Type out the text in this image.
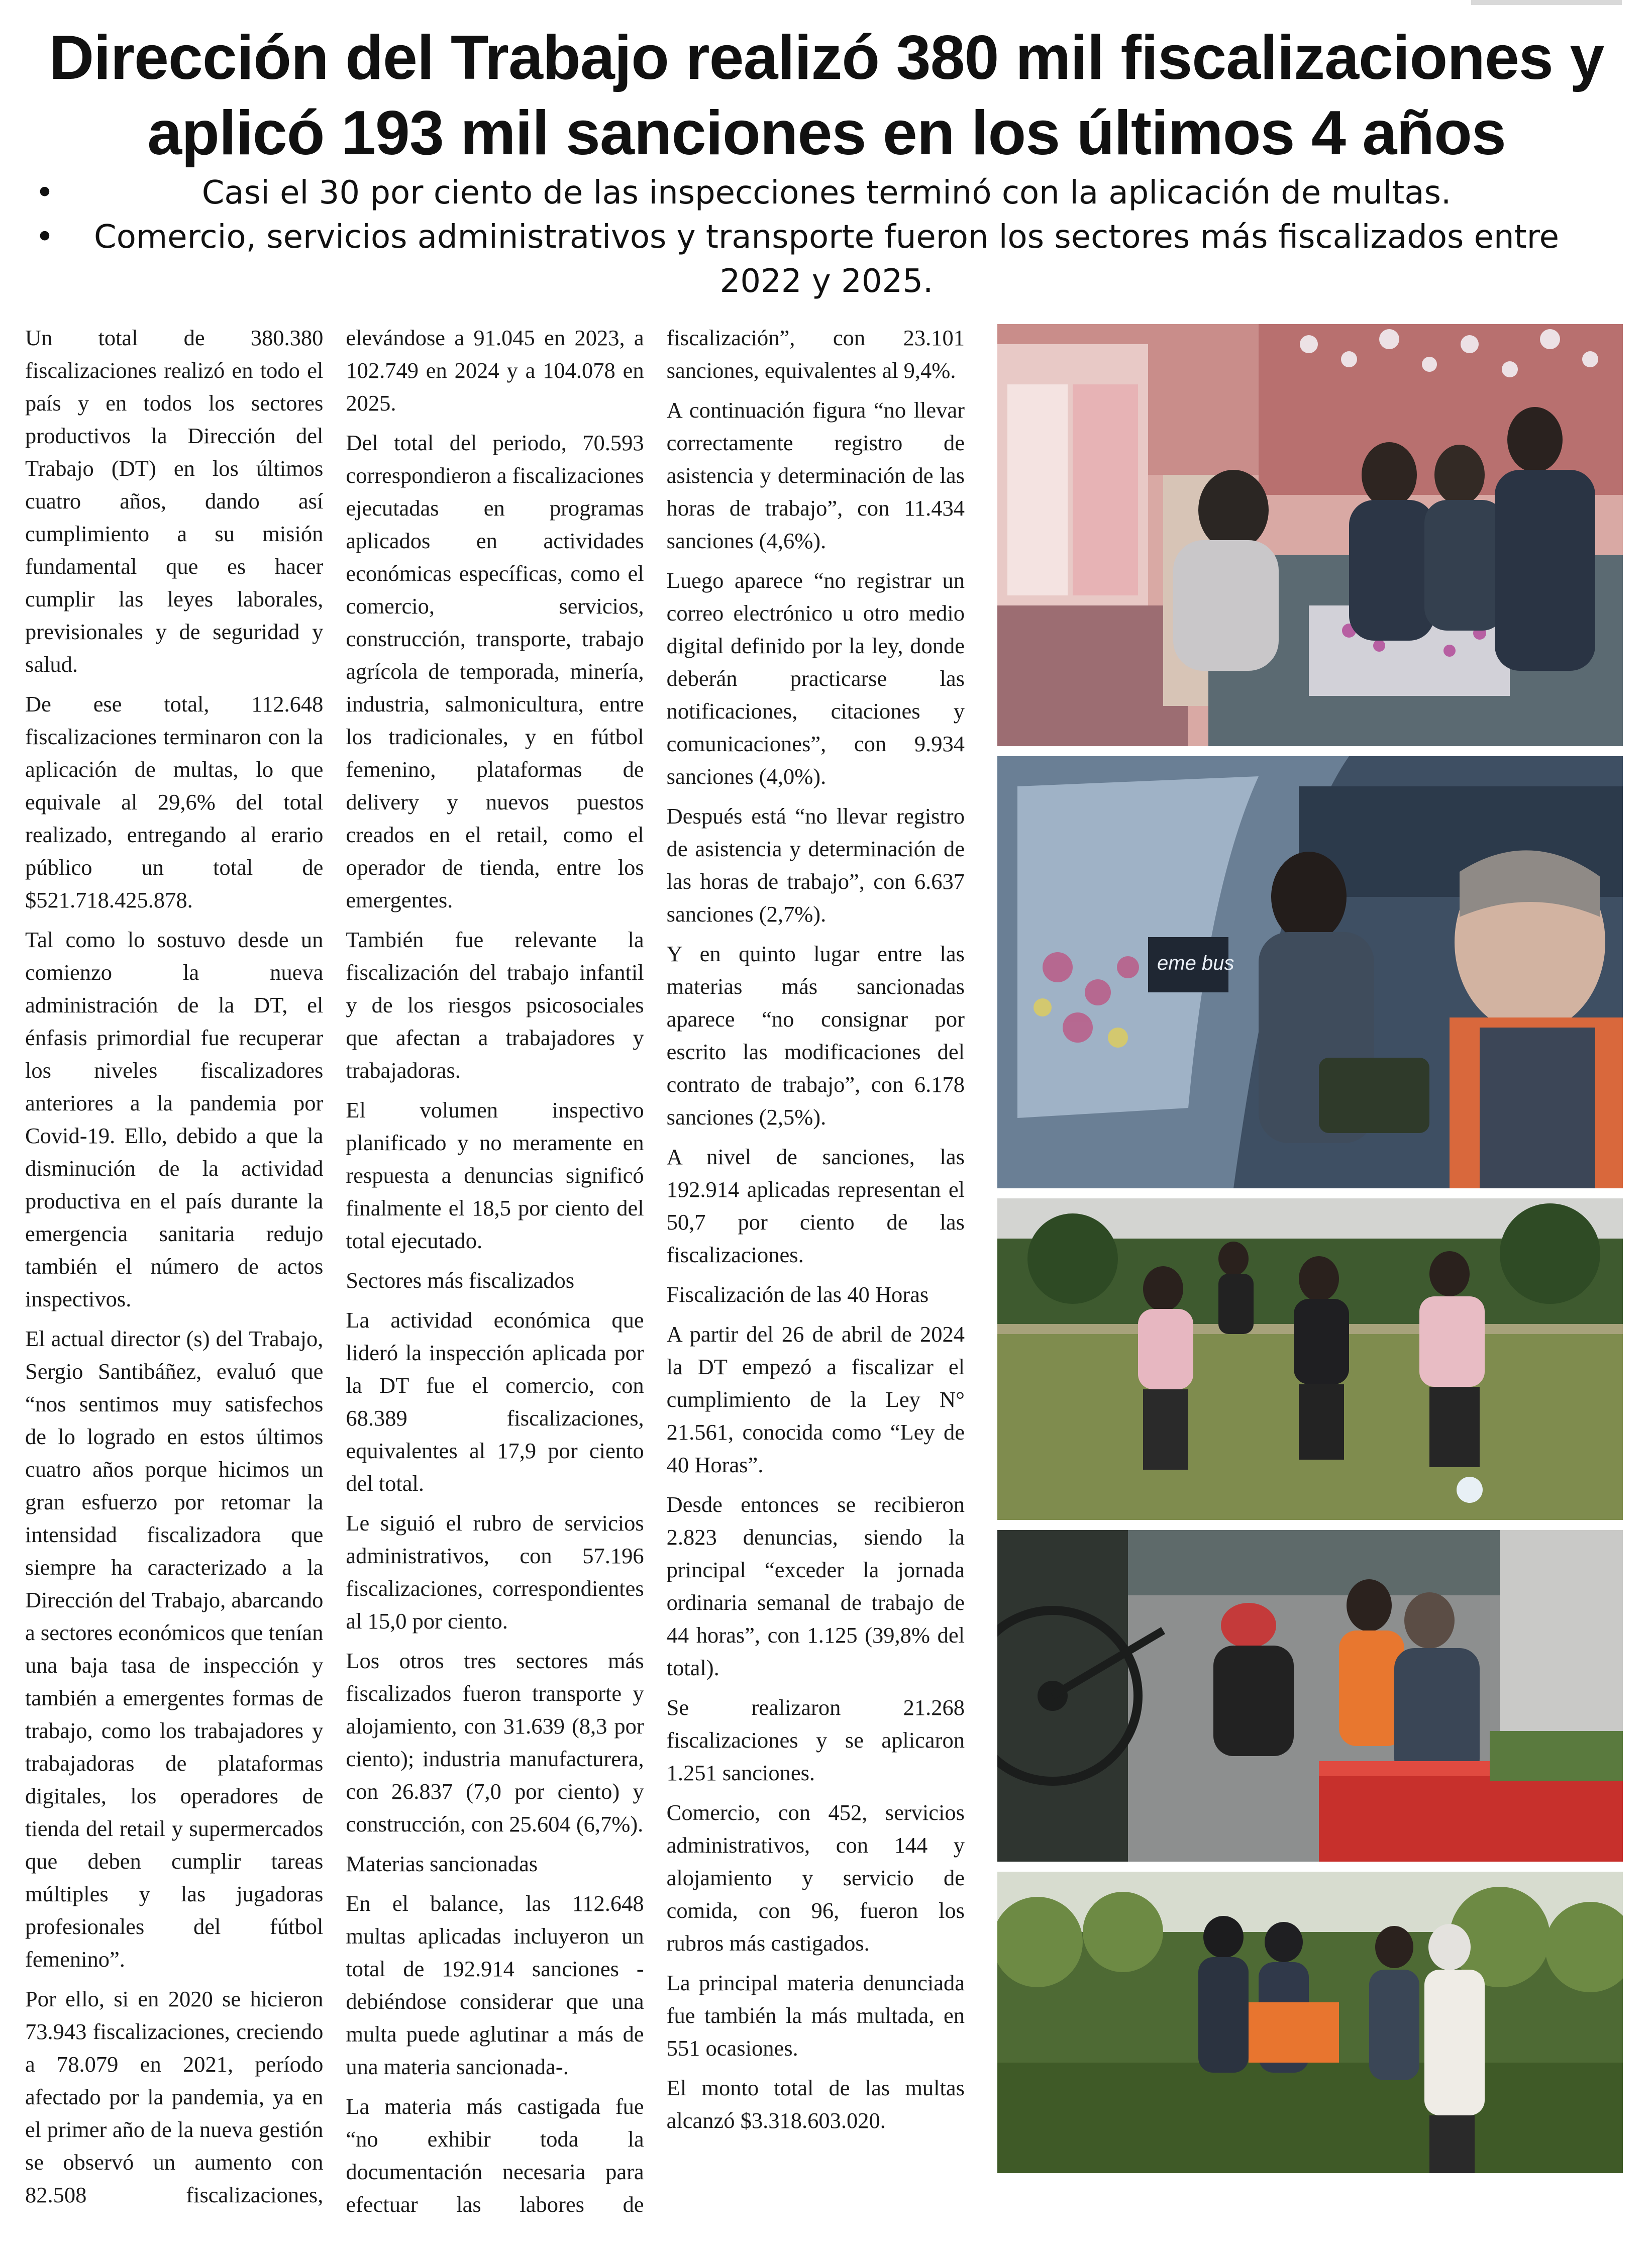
Dirección del Trabajo realizó 380 mil fiscalizaciones y aplicó 193 mil sanciones en los últimos 4 años
•	Casi el 30 por ciento de las inspecciones terminó con la aplicación de multas.
• Comercio, servicios administrativos y transporte fueron los sectores más fiscalizados entre 2022 y 2025.

Un total de 380.380 fiscalizaciones realizó en todo el país y en todos los sectores productivos la Dirección del Trabajo (DT) en los últimos cuatro años, dando así cumplimiento a su misión fundamental que es hacer cumplir las leyes laborales, previsionales y de seguridad y salud.

De ese total, 112.648 fiscalizaciones terminaron con la aplicación de multas, lo que equivale al 29,6% del total realizado, entregando al erario público un total de $521.718.425.878.

Tal como lo sostuvo desde un comienzo la nueva administración de la DT, el énfasis primordial fue recuperar los niveles fiscalizadores anteriores a la pandemia por Covid-19. Ello, debido a que la disminución de la actividad productiva en el país durante la emergencia sanitaria redujo también el número de actos inspectivos.

El actual director (s) del Trabajo, Sergio Santibáñez, evaluó que “nos sentimos muy satisfechos de lo logrado en estos últimos cuatro años porque hicimos un gran esfuerzo por retomar la intensidad fiscalizadora que siempre ha caracterizado a la Dirección del Trabajo, abarcando a sectores económicos que tenían una baja tasa de inspección y también a emergentes formas de trabajo, como los trabajadores y trabajadoras de plataformas digitales, los operadores de tienda del retail y supermercados que deben cumplir tareas múltiples y las jugadoras profesionales del fútbol femenino”.

Por ello, si en 2020 se hicieron 73.943 fiscalizaciones, creciendo a 78.079 en 2021, período afectado por la pandemia, ya en el primer año de la nueva gestión se observó un aumento con 82.508 fiscalizaciones, elevándose a 91.045 en 2023, a 102.749 en 2024 y a 104.078 en 2025.

Del total del periodo, 70.593 correspondieron a fiscalizaciones ejecutadas en programas aplicados en actividades económicas específicas, como el comercio, servicios, construcción, transporte, trabajo agrícola de temporada, minería, industria, salmonicultura, entre los tradicionales, y en fútbol femenino, plataformas de delivery y nuevos puestos creados en el retail, como el operador de tienda, entre los emergentes.

También fue relevante la fiscalización del trabajo infantil y de los riesgos psicosociales que afectan a trabajadores y trabajadoras.

El volumen inspectivo planificado y no meramente en respuesta a denuncias significó finalmente el 18,5 por ciento del total ejecutado.

Sectores más fiscalizados

La actividad económica que lideró la inspección aplicada por la DT fue el comercio, con 68.389 fiscalizaciones, equivalentes al 17,9 por ciento del total.

Le siguió el rubro de servicios administrativos, con 57.196 fiscalizaciones, correspondientes al 15,0 por ciento.

Los otros tres sectores más fiscalizados fueron transporte y alojamiento, con 31.639 (8,3 por ciento); industria manufacturera, con 26.837 (7,0 por ciento) y construcción, con 25.604 (6,7%).

Materias sancionadas

En el balance, las 112.648 multas aplicadas incluyeron un total de 192.914 sanciones -debiéndose considerar que una multa puede aglutinar a más de una materia sancionada-.

La materia más castigada fue “no exhibir toda la documentación necesaria para efectuar las labores de fiscalización”, con 23.101 sanciones, equivalentes al 9,4%.

A continuación figura “no llevar correctamente registro de asistencia y determinación de las horas de trabajo”, con 11.434 sanciones (4,6%).

Luego aparece “no registrar un correo electrónico u otro medio digital definido por la ley, donde deberán practicarse las notificaciones, citaciones y comunicaciones”, con 9.934 sanciones (4,0%).

Después está “no llevar registro de asistencia y determinación de las horas de trabajo”, con 6.637 sanciones (2,7%).

Y en quinto lugar entre las materias más sancionadas aparece “no consignar por escrito las modificaciones del contrato de trabajo”, con 6.178 sanciones (2,5%).

A nivel de sanciones, las 192.914 aplicadas representan el 50,7 por ciento de las fiscalizaciones.

Fiscalización de las 40 Horas

A partir del 26 de abril de 2024 la DT empezó a fiscalizar el cumplimiento de la Ley N° 21.561, conocida como “Ley de 40 Horas”.

Desde entonces se recibieron 2.823 denuncias, siendo la principal “exceder la jornada ordinaria semanal de trabajo de 44 horas”, con 1.125 (39,8% del total).

Se realizaron 21.268 fiscalizaciones y se aplicaron 1.251 sanciones.

Comercio, con 452, servicios administrativos, con 144 y alojamiento y servicio de comida, con 96, fueron los rubros más castigados.

La principal materia denunciada fue también la más multada, en 551 ocasiones.

El monto total de las multas alcanzó $3.318.603.020.

eme bus
